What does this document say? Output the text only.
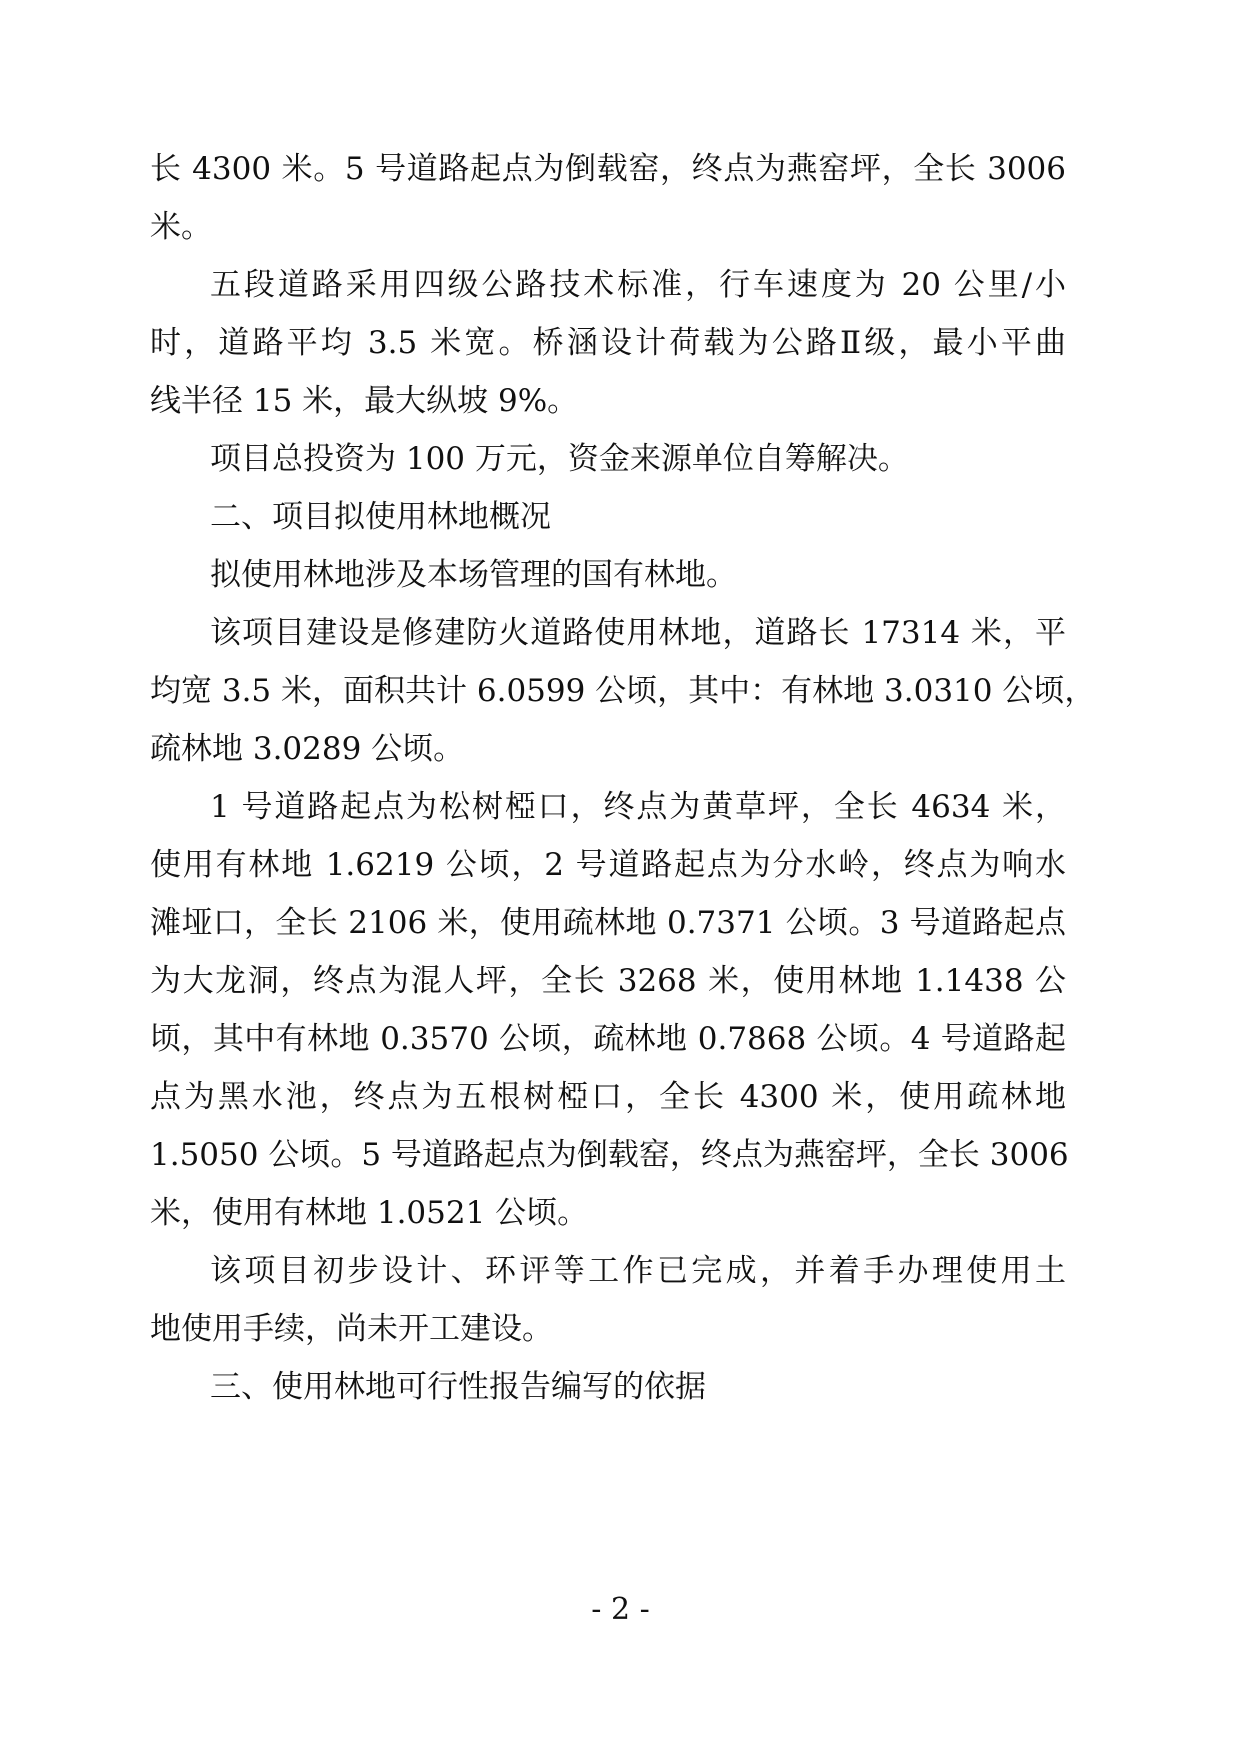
长 4300 米。5 号道路起点为倒载窑，终点为燕窑坪，全长 3006
米。
五段道路采用四级公路技术标准，行车速度为 20 公里/小
时，道路平均 3.5 米宽。桥涵设计荷载为公路Ⅱ级，最小平曲
线半径 15 米，最大纵坡 9%。
项目总投资为 100 万元，资金来源单位自筹解决。
二、项目拟使用林地概况
拟使用林地涉及本场管理的国有林地。
该项目建设是修建防火道路使用林地，道路长 17314 米，平
均宽 3.5 米，面积共计 6.0599 公顷，其中：有林地 3.0310 公顷，
疏林地 3.0289 公顷。
1 号道路起点为松树椏口，终点为黄草坪，全长 4634 米，
使用有林地 1.6219 公顷，2 号道路起点为分水岭，终点为响水
滩垭口，全长 2106 米，使用疏林地 0.7371 公顷。3 号道路起点
为大龙洞，终点为混人坪，全长 3268 米，使用林地 1.1438 公
顷，其中有林地 0.3570 公顷，疏林地 0.7868 公顷。4 号道路起
点为黑水池，终点为五根树椏口，全长 4300 米，使用疏林地
1.5050 公顷。5 号道路起点为倒载窑，终点为燕窑坪，全长 3006
米，使用有林地 1.0521 公顷。
该项目初步设计、环评等工作已完成，并着手办理使用土
地使用手续，尚未开工建设。
三、使用林地可行性报告编写的依据
- 2 -
